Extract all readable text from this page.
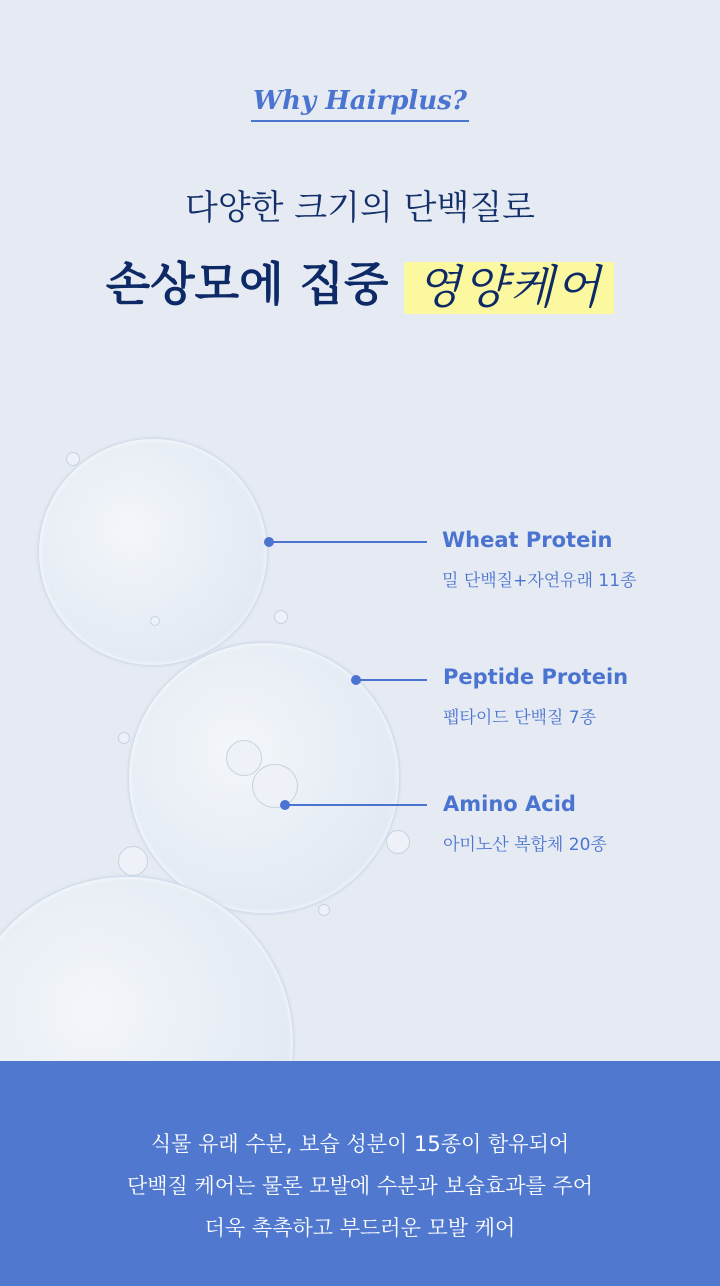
Why Hairplus?
다양한 크기의 단백질로
손상모에 집중 영양케어
Wheat Protein
밀 단백질+자연유래 11종
Peptide Protein
펩타이드 단백질 7종
Amino Acid
아미노산 복합체 20종
식물 유래 수분, 보습 성분이 15종이 함유되어
단백질 케어는 물론 모발에 수분과 보습효과를 주어
더욱 촉촉하고 부드러운 모발 케어
